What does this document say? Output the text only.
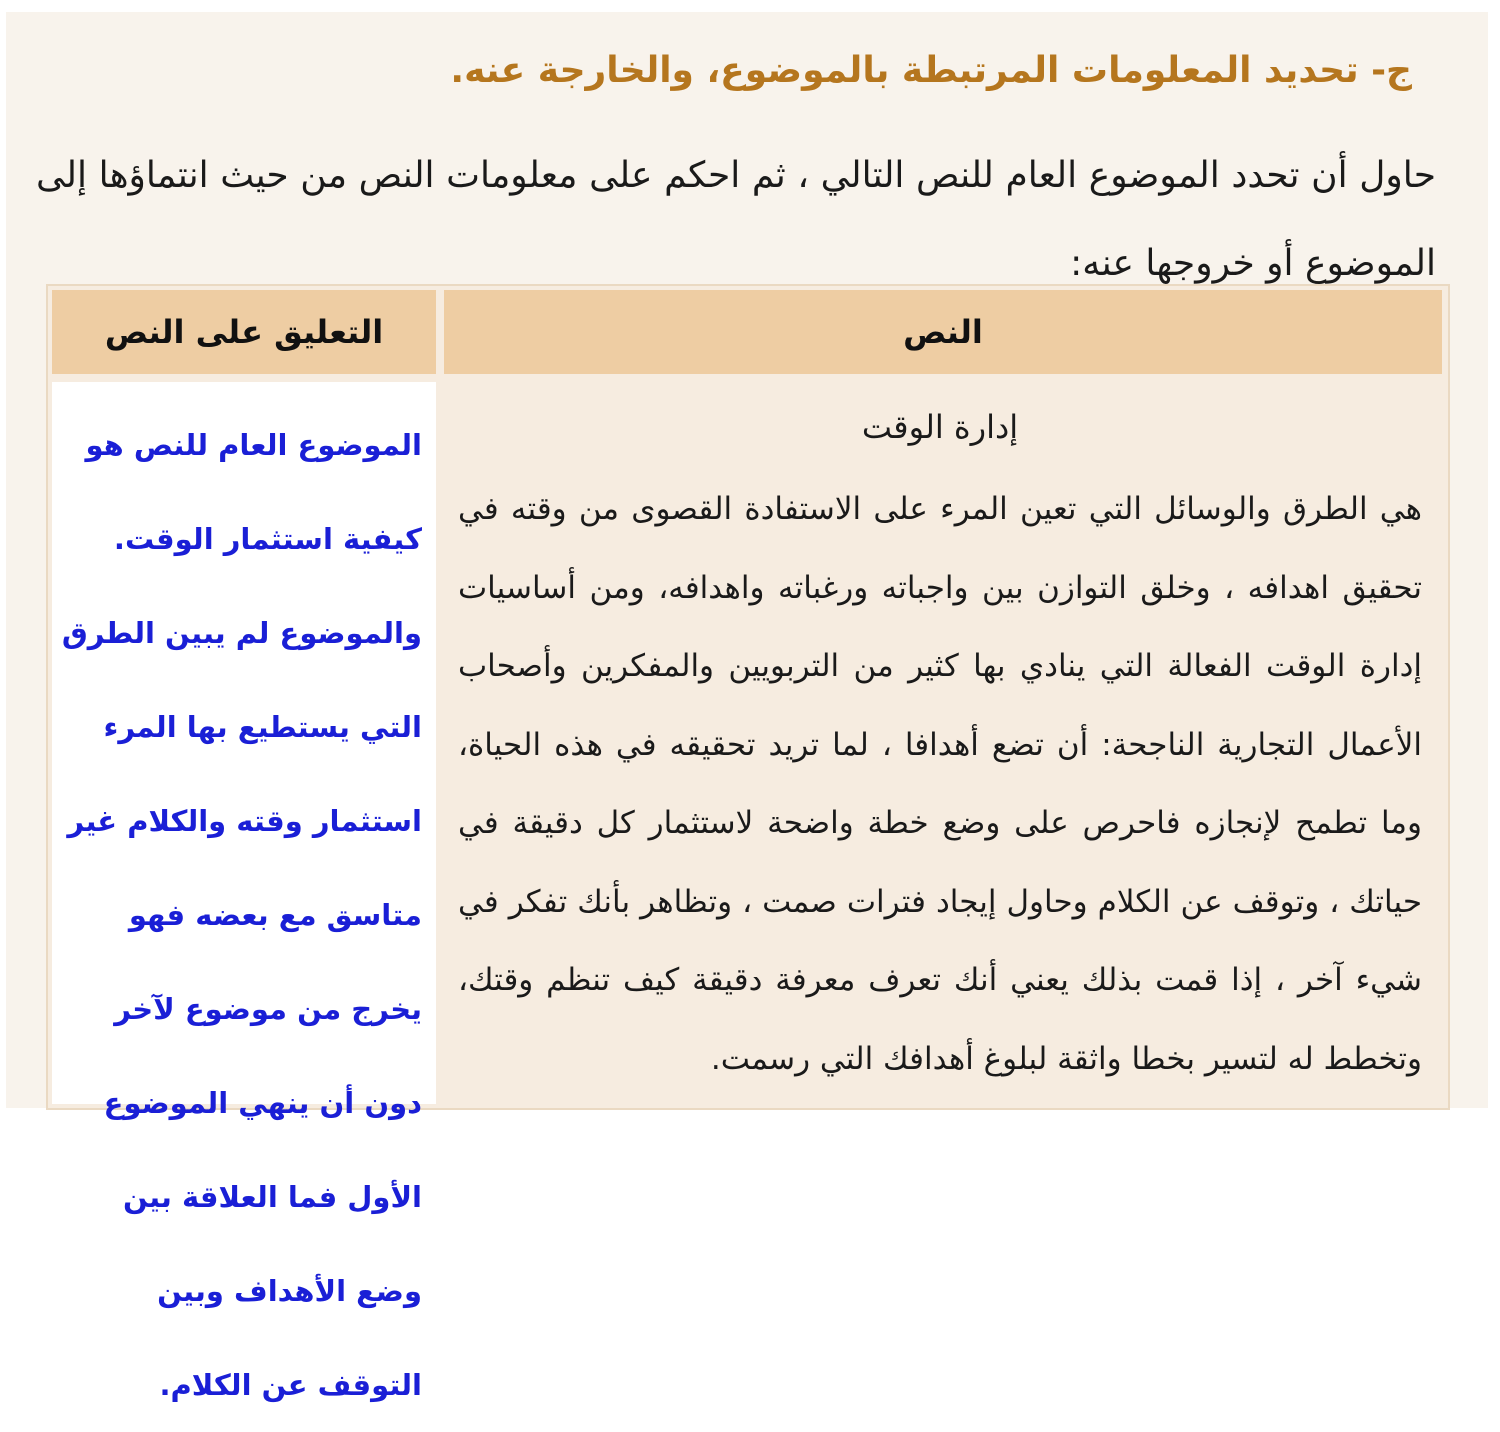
ج- تحديد المعلومات المرتبطة بالموضوع، والخارجة عنه.
حاول أن تحدد الموضوع العام للنص التالي ، ثم احكم على معلومات النص من حيث انتماؤها إلى الموضوع أو خروجها عنه:
النص
التعليق على النص
إدارة الوقت
هي الطرق والوسائل التي تعين المرء على الاستفادة القصوى من وقته في تحقيق اهدافه ، وخلق التوازن بين واجباته ورغباته واهدافه، ومن أساسيات إدارة الوقت الفعالة التي ينادي بها كثير من التربويين والمفكرين وأصحاب الأعمال التجارية الناجحة: أن تضع أهدافا ، لما تريد تحقيقه في هذه الحياة، وما تطمح لإنجازه فاحرص على وضع خطة واضحة لاستثمار كل دقيقة في حياتك ، وتوقف عن الكلام وحاول إيجاد فترات صمت ، وتظاهر بأنك تفكر في شيء آخر ، إذا قمت بذلك يعني أنك تعرف معرفة دقيقة كيف تنظم وقتك، وتخطط له لتسير بخطا واثقة لبلوغ أهدافك التي رسمت.
الموضوع العام للنص هو كيفية استثمار الوقت. والموضوع لم يبين الطرق التي يستطيع بها المرء استثمار وقته والكلام غير متاسق مع بعضه فهو يخرج من موضوع لآخر دون أن ينهي الموضوع الأول فما العلاقة بين وضع الأهداف وبين التوقف عن الكلام.
